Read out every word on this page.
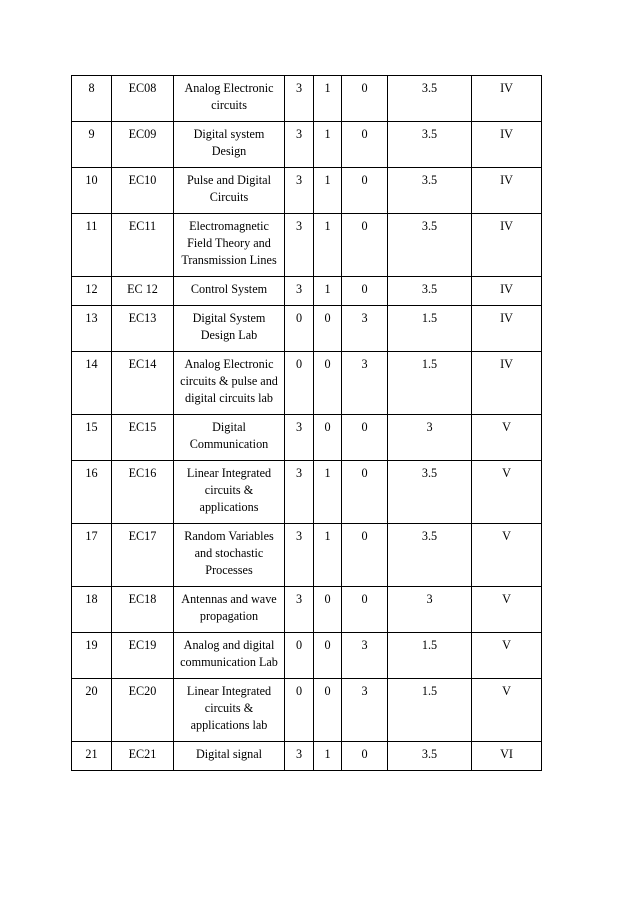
8	EC08	Analog Electronic circuits	3	1	0	3.5	IV
9	EC09	Digital system Design	3	1	0	3.5	IV
10	EC10	Pulse and Digital Circuits	3	1	0	3.5	IV
11	EC11	Electromagnetic Field Theory and Transmission Lines	3	1	0	3.5	IV
12	EC 12	Control System	3	1	0	3.5	IV
13	EC13	Digital System Design Lab	0	0	3	1.5	IV
14	EC14	Analog Electronic circuits & pulse and digital circuits lab	0	0	3	1.5	IV
15	EC15	Digital Communication	3	0	0	3	V
16	EC16	Linear Integrated circuits & applications	3	1	0	3.5	V
17	EC17	Random Variables and stochastic Processes	3	1	0	3.5	V
18	EC18	Antennas and wave propagation	3	0	0	3	V
19	EC19	Analog and digital communication Lab	0	0	3	1.5	V
20	EC20	Linear Integrated circuits & applications lab	0	0	3	1.5	V
21	EC21	Digital signal	3	1	0	3.5	VI
